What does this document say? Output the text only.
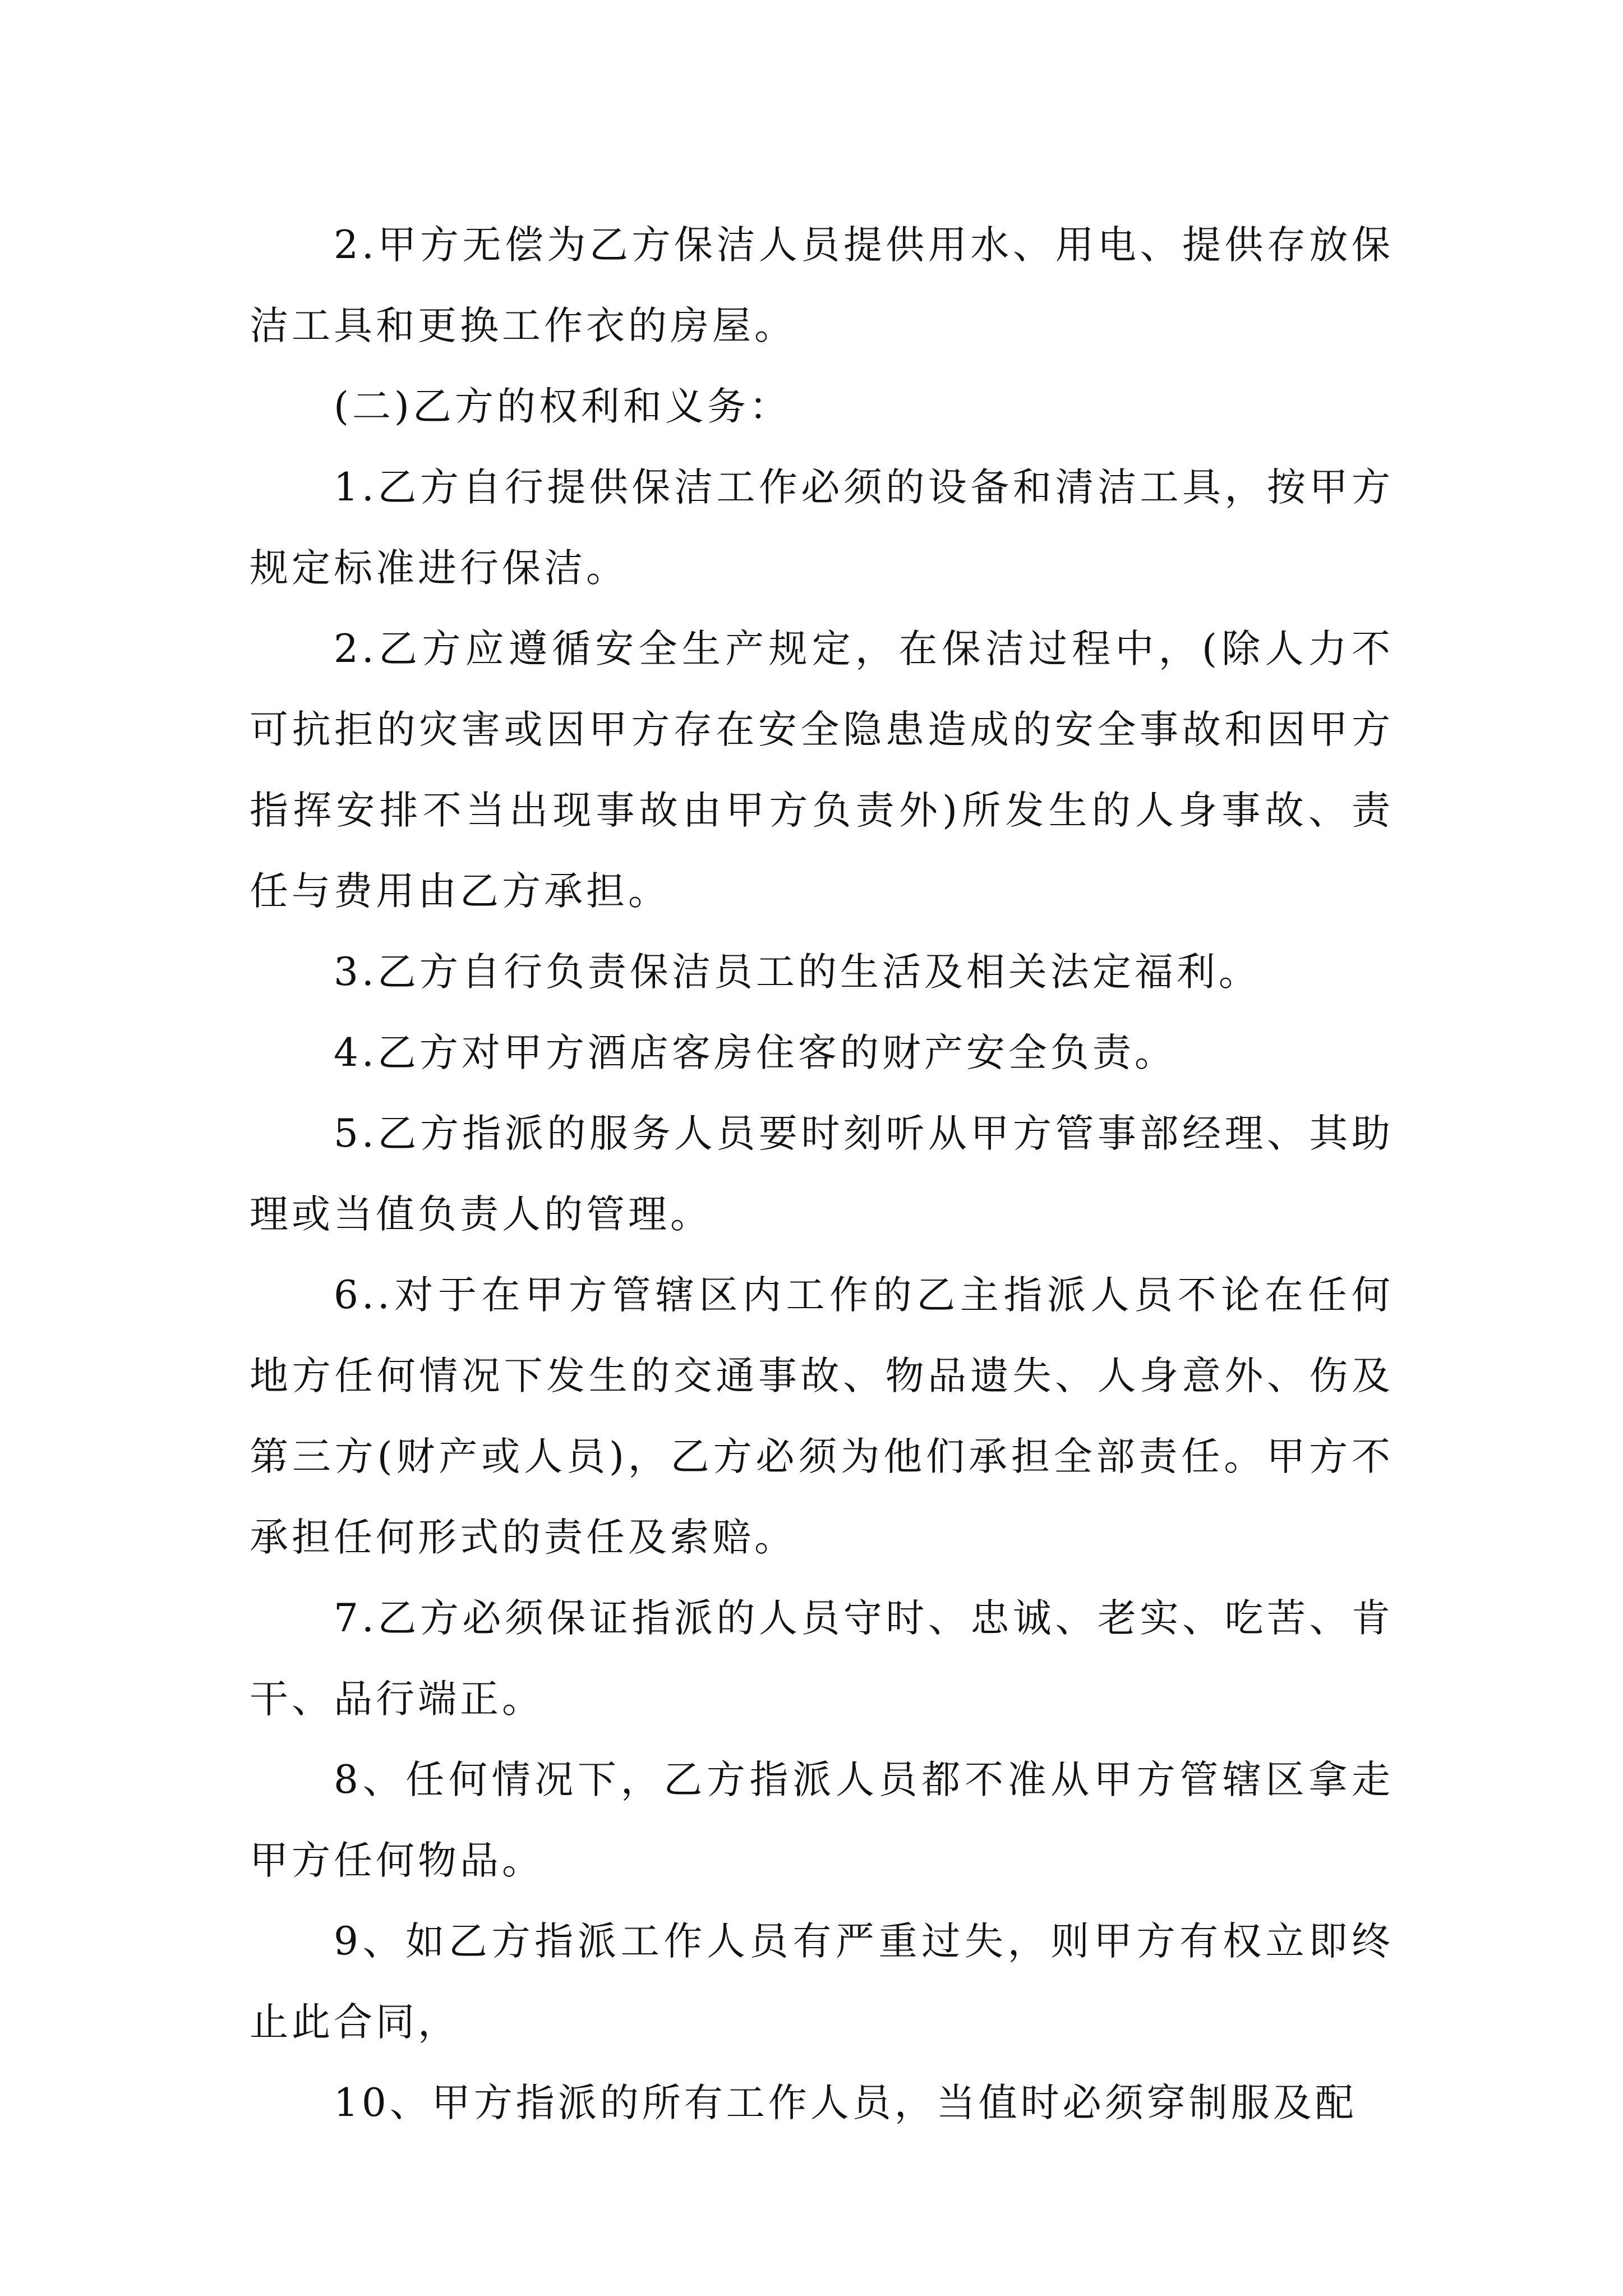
2.甲方无偿为乙方保洁人员提供用水、用电、提供存放保洁工具和更换工作衣的房屋。

(二)乙方的权利和义务：

1.乙方自行提供保洁工作必须的设备和清洁工具，按甲方规定标准进行保洁。

2.乙方应遵循安全生产规定，在保洁过程中，(除人力不可抗拒的灾害或因甲方存在安全隐患造成的安全事故和因甲方指挥安排不当出现事故由甲方负责外)所发生的人身事故、责任与费用由乙方承担。

3.乙方自行负责保洁员工的生活及相关法定福利。

4.乙方对甲方酒店客房住客的财产安全负责。

5.乙方指派的服务人员要时刻听从甲方管事部经理、其助理或当值负责人的管理。

6..对于在甲方管辖区内工作的乙主指派人员不论在任何地方任何情况下发生的交通事故、物品遗失、人身意外、伤及第三方(财产或人员)，乙方必须为他们承担全部责任。甲方不承担任何形式的责任及索赔。

7.乙方必须保证指派的人员守时、忠诚、老实、吃苦、肯干、品行端正。

8、任何情况下，乙方指派人员都不准从甲方管辖区拿走甲方任何物品。

9、如乙方指派工作人员有严重过失，则甲方有权立即终止此合同，

10、甲方指派的所有工作人员，当值时必须穿制服及配
